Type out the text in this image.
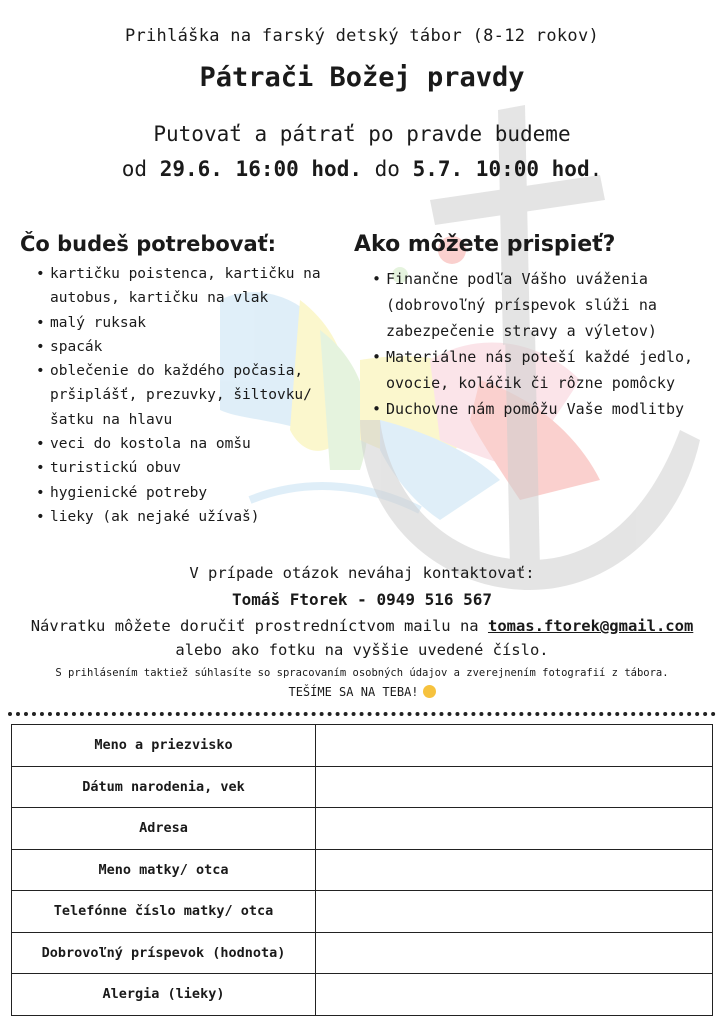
Prihláška na farský detský tábor (8-12 rokov)
Pátrači Božej pravdy
Putovať a pátrať po pravde budeme
od 29.6. 16:00 hod. do 5.7. 10:00 hod.
Čo budeš potrebovať:
• kartičku poistenca, kartičku na autobus, kartičku na vlak
• malý ruksak
• spacák
• oblečenie do každého počasia, pršiplášť, prezuvky, šiltovku/ šatku na hlavu
• veci do kostola na omšu
• turistickú obuv
• hygienické potreby
• lieky (ak nejaké užívaš)
Ako môžete prispieť?
• Finančne podľa Vášho uváženia (dobrovoľný príspevok slúži na zabezpečenie stravy a výletov)
• Materiálne nás poteší každé jedlo, ovocie, koláčik či rôzne pomôcky
• Duchovne nám pomôžu Vaše modlitby
V prípade otázok neváhaj kontaktovať:
Tomáš Ftorek - 0949 516 567
Návratku môžete doručiť prostredníctvom mailu na tomas.ftorek@gmail.com
alebo ako fotku na vyššie uvedené číslo.
S prihlásením taktiež súhlasíte so spracovaním osobných údajov a zverejnením fotografií z tábora.
TEŠÍME SA NA TEBA!
Meno a priezvisko	
Dátum narodenia, vek	
Adresa	
Meno matky/ otca	
Telefónne číslo matky/ otca	
Dobrovoľný príspevok (hodnota)	
Alergia (lieky)	
